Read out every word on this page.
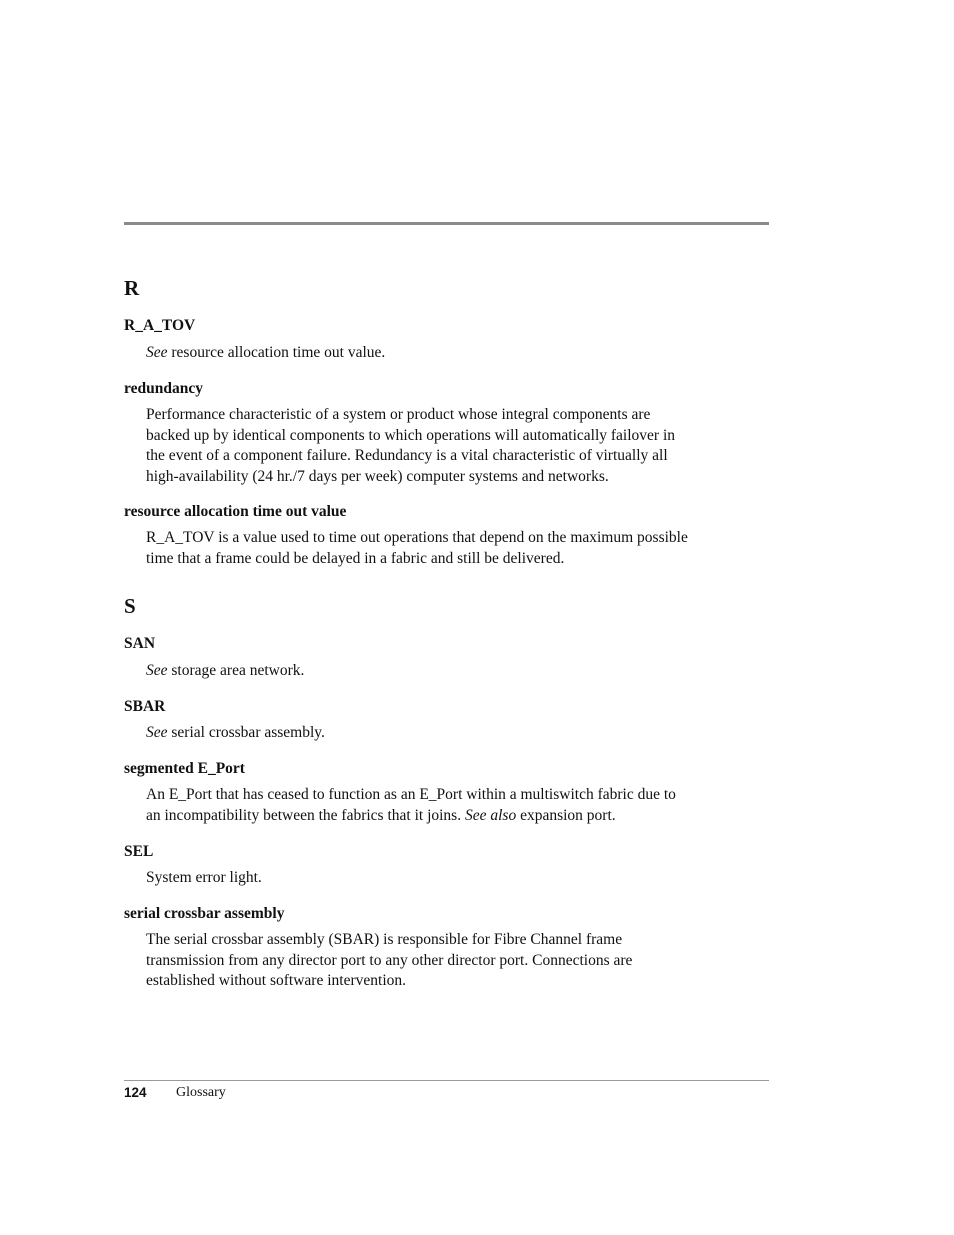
R
R_A_TOV

See resource allocation time out value.

redundancy

Performance characteristic of a system or product whose integral components are
backed up by identical components to which operations will automatically failover in
the event of a component failure. Redundancy is a vital characteristic of virtually all
high-availability (24 hr./7 days per week) computer systems and networks.

resource allocation time out value

R_A_TOV is a value used to time out operations that depend on the maximum possible
time that a frame could be delayed in a fabric and still be delivered.

S
SAN

See storage area network.

SBAR

See serial crossbar assembly.

segmented E_Port

An E_Port that has ceased to function as an E_Port within a multiswitch fabric due to
an incompatibility between the fabrics that it joins. See also expansion port.

SEL

System error light.

serial crossbar assembly

The serial crossbar assembly (SBAR) is responsible for Fibre Channel frame
transmission from any director port to any other director port. Connections are
established without software intervention.

124 Glossary
